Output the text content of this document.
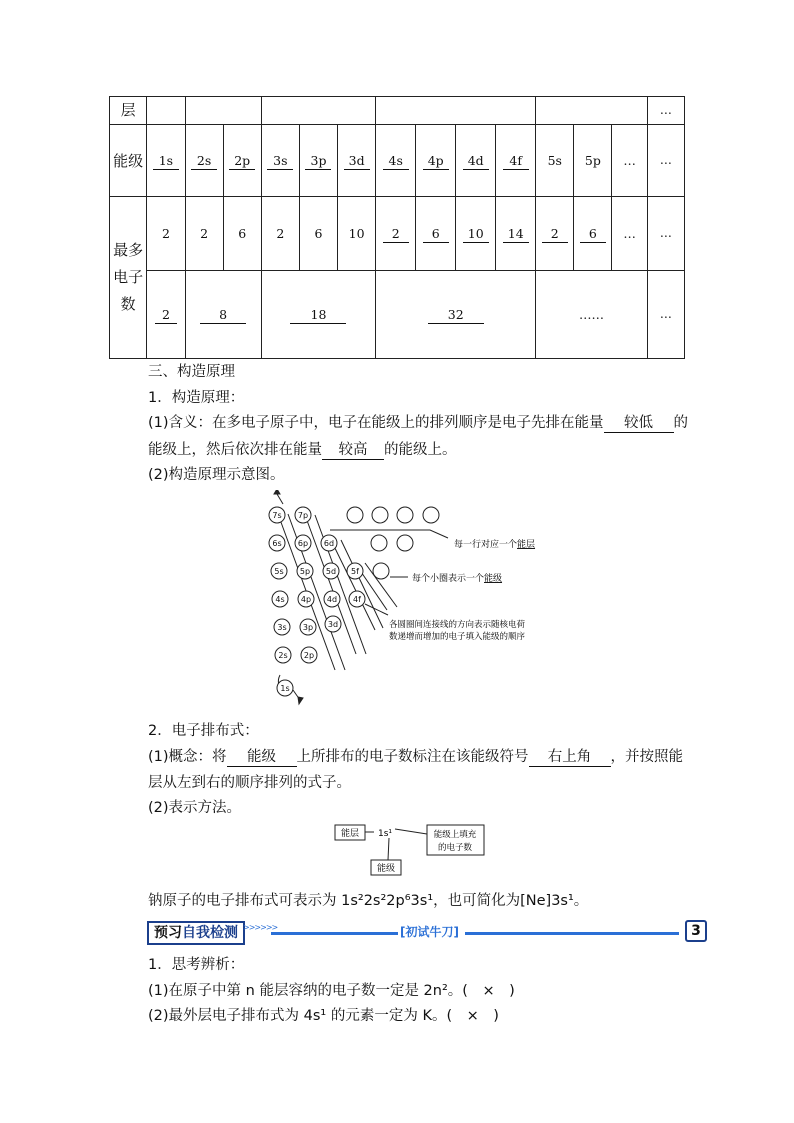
层														…
能级	1s	2s	2p	3s	3p	3d	4s	4p	4d	4f	5s	5p	…	…
最多电子数	2	2	6	2	6	10	2	6	10	14	2	6	…	…
	2	8		18			32				……			…
三、构造原理
1．构造原理：
(1)含义：在多电子原子中，电子在能级上的排列顺序是电子先排在能量 较低 的
能级上，然后依次排在能量 较高 的能级上。
(2)构造原理示意图。
7s 7p
6s 6p 6d
5s 5p 5d 5f
4s 4p 4d 4f
3s 3p 3d
2s 2p
1s
每一行对应一个能层
每个小圈表示一个能级
各圆圈间连接线的方向表示随核电荷
数递增而增加的电子填入能级的顺序
2．电子排布式：
(1)概念：将 能级 上所排布的电子数标注在该能级符号 右上角 ，并按照能
层从左到右的顺序排列的式子。
(2)表示方法。
能层 1s¹	能级上填充
的电子数
能级
钠原子的电子排布式可表示为 1s²2s²2p⁶3s¹，也可简化为[Ne]3s¹。
预习自我检测 >>>>>>	[初试牛刀]	3
1．思考辨析：
(1)在原子中第 n 能层容纳的电子数一定是 2n²。(　×　)
(2)最外层电子排布式为 4s¹ 的元素一定为 K。(　×　)
